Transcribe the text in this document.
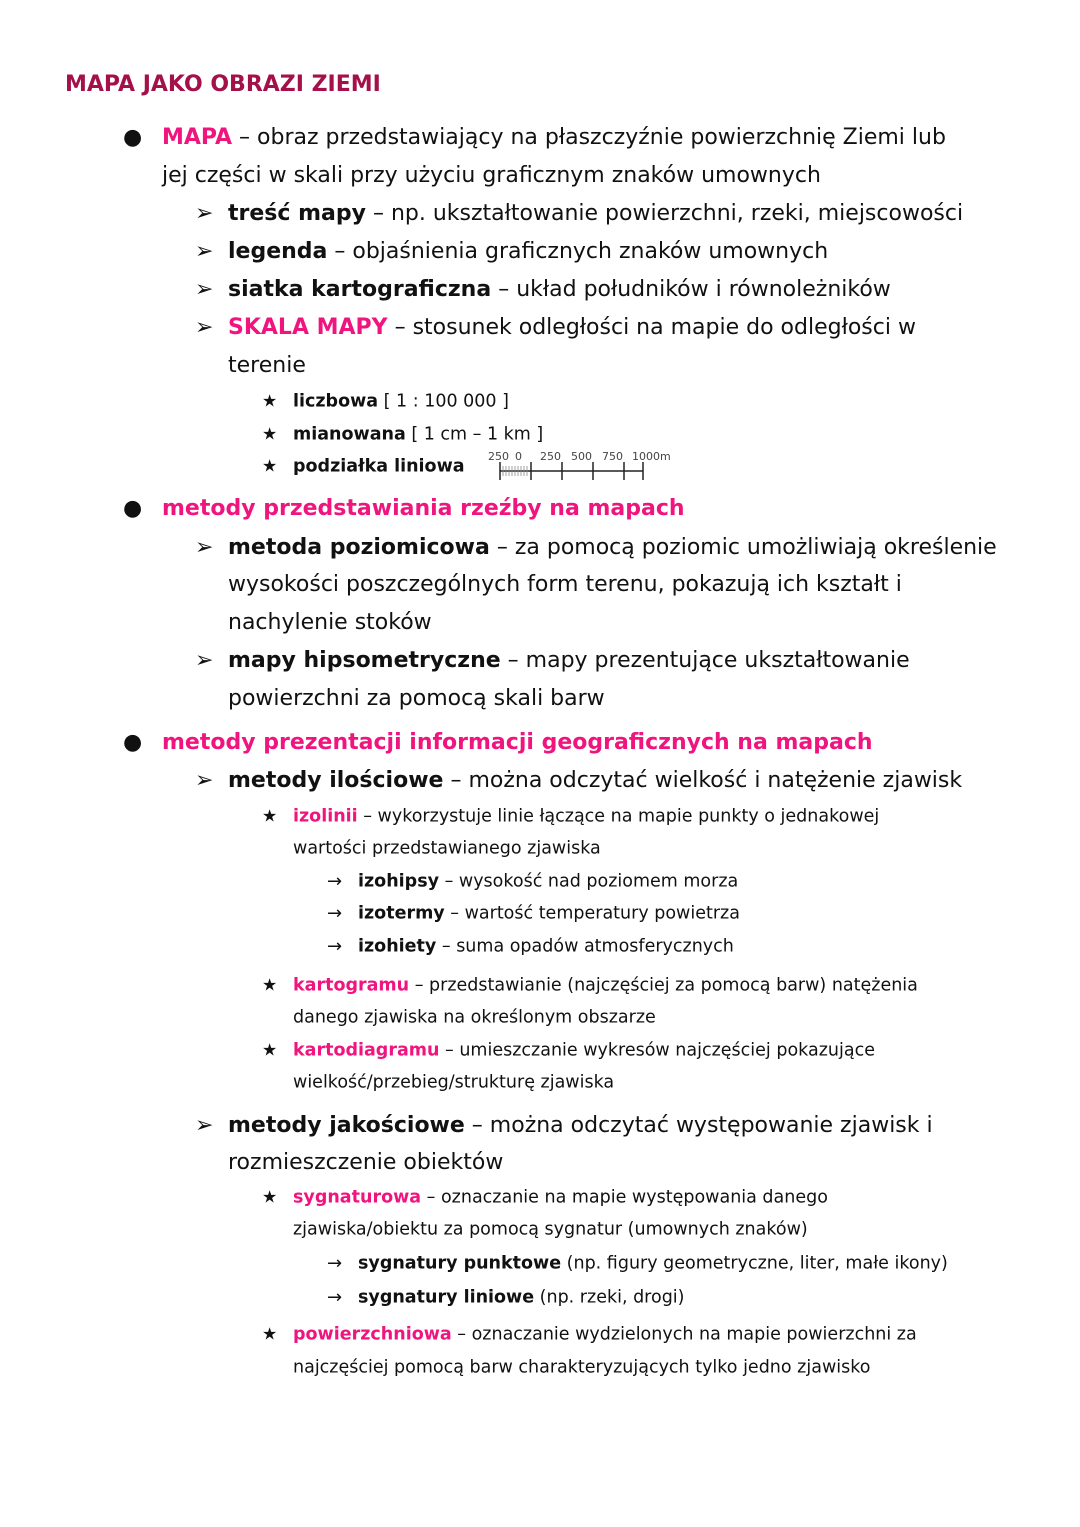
MAPA JAKO OBRAZI ZIEMI
● MAPA – obraz przedstawiający na płaszczyźnie powierzchnię Ziemi lub
jej części w skali przy użyciu graficznym znaków umownych
➢ treść mapy – np. ukształtowanie powierzchni, rzeki, miejscowości
➢ legenda – objaśnienia graficznych znaków umownych
➢ siatka kartograficzna – układ południków i równoleżników
➢ SKALA MAPY – stosunek odległości na mapie do odległości w
terenie
★ liczbowa [ 1 : 100 000 ]
★ mianowana [ 1 cm – 1 km ]
★ podziałka liniowa 250 0 250 500 750 1000m
● metody przedstawiania rzeźby na mapach
➢ metoda poziomicowa – za pomocą poziomic umożliwiają określenie
wysokości poszczególnych form terenu, pokazują ich kształt i
nachylenie stoków
➢ mapy hipsometryczne – mapy prezentujące ukształtowanie
powierzchni za pomocą skali barw
● metody prezentacji informacji geograficznych na mapach
➢ metody ilościowe – można odczytać wielkość i natężenie zjawisk
★ izolinii – wykorzystuje linie łączące na mapie punkty o jednakowej
wartości przedstawianego zjawiska
→ izohipsy – wysokość nad poziomem morza
→ izotermy – wartość temperatury powietrza
→ izohiety – suma opadów atmosferycznych
★ kartogramu – przedstawianie (najczęściej za pomocą barw) natężenia
danego zjawiska na określonym obszarze
★ kartodiagramu – umieszczanie wykresów najczęściej pokazujące
wielkość/przebieg/strukturę zjawiska
➢ metody jakościowe – można odczytać występowanie zjawisk i
rozmieszczenie obiektów
★ sygnaturowa – oznaczanie na mapie występowania danego
zjawiska/obiektu za pomocą sygnatur (umownych znaków)
→ sygnatury punktowe (np. figury geometryczne, liter, małe ikony)
→ sygnatury liniowe (np. rzeki, drogi)
★ powierzchniowa – oznaczanie wydzielonych na mapie powierzchni za
najczęściej pomocą barw charakteryzujących tylko jedno zjawisko
